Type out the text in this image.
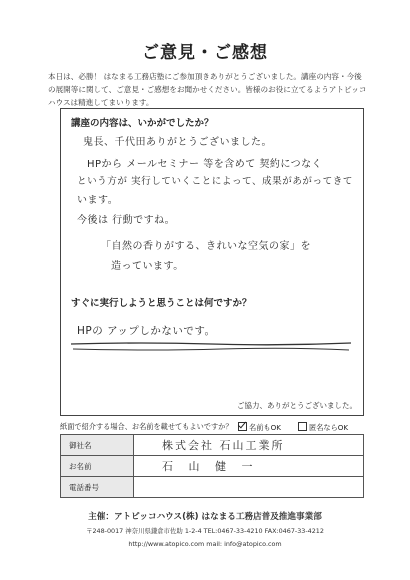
ご意見・ご感想
本日は、必勝！ はなまる工務店塾にご参加頂きありがとうございました。講座の内容・今後の展開等に関して、ご意見・ご感想をお聞かせください。皆様のお役に立てるようアトピッコハウスは精進してまいります。
講座の内容は、いかがでしたか？
鬼長、千代田ありがとうございました。
HPから メールセミナー 等を含めて 契約につなく
という方が 実行していくことによって、成果があがってきて
います。
今後は 行動ですね。
「自然の香りがする、きれいな空気の家」を
造っています。
すぐに実行しようと思うことは何ですか？
HPの アップしかないです。
ご協力、ありがとうございました。
紙面で紹介する場合、お名前を載せてもよいですか？	名前もOK	匿名ならOK
御社名	株式会社 石山工業所
お名前	石 山 健 一
電話番号	
主催：アトピッコハウス(株) はなまる工務店普及推進事業部
〒248-0017 神奈川県鎌倉市佐助 1-2-4 TEL:0467-33-4210 FAX:0467-33-4212
http://www.atopico.com mail: info@atopico.com
